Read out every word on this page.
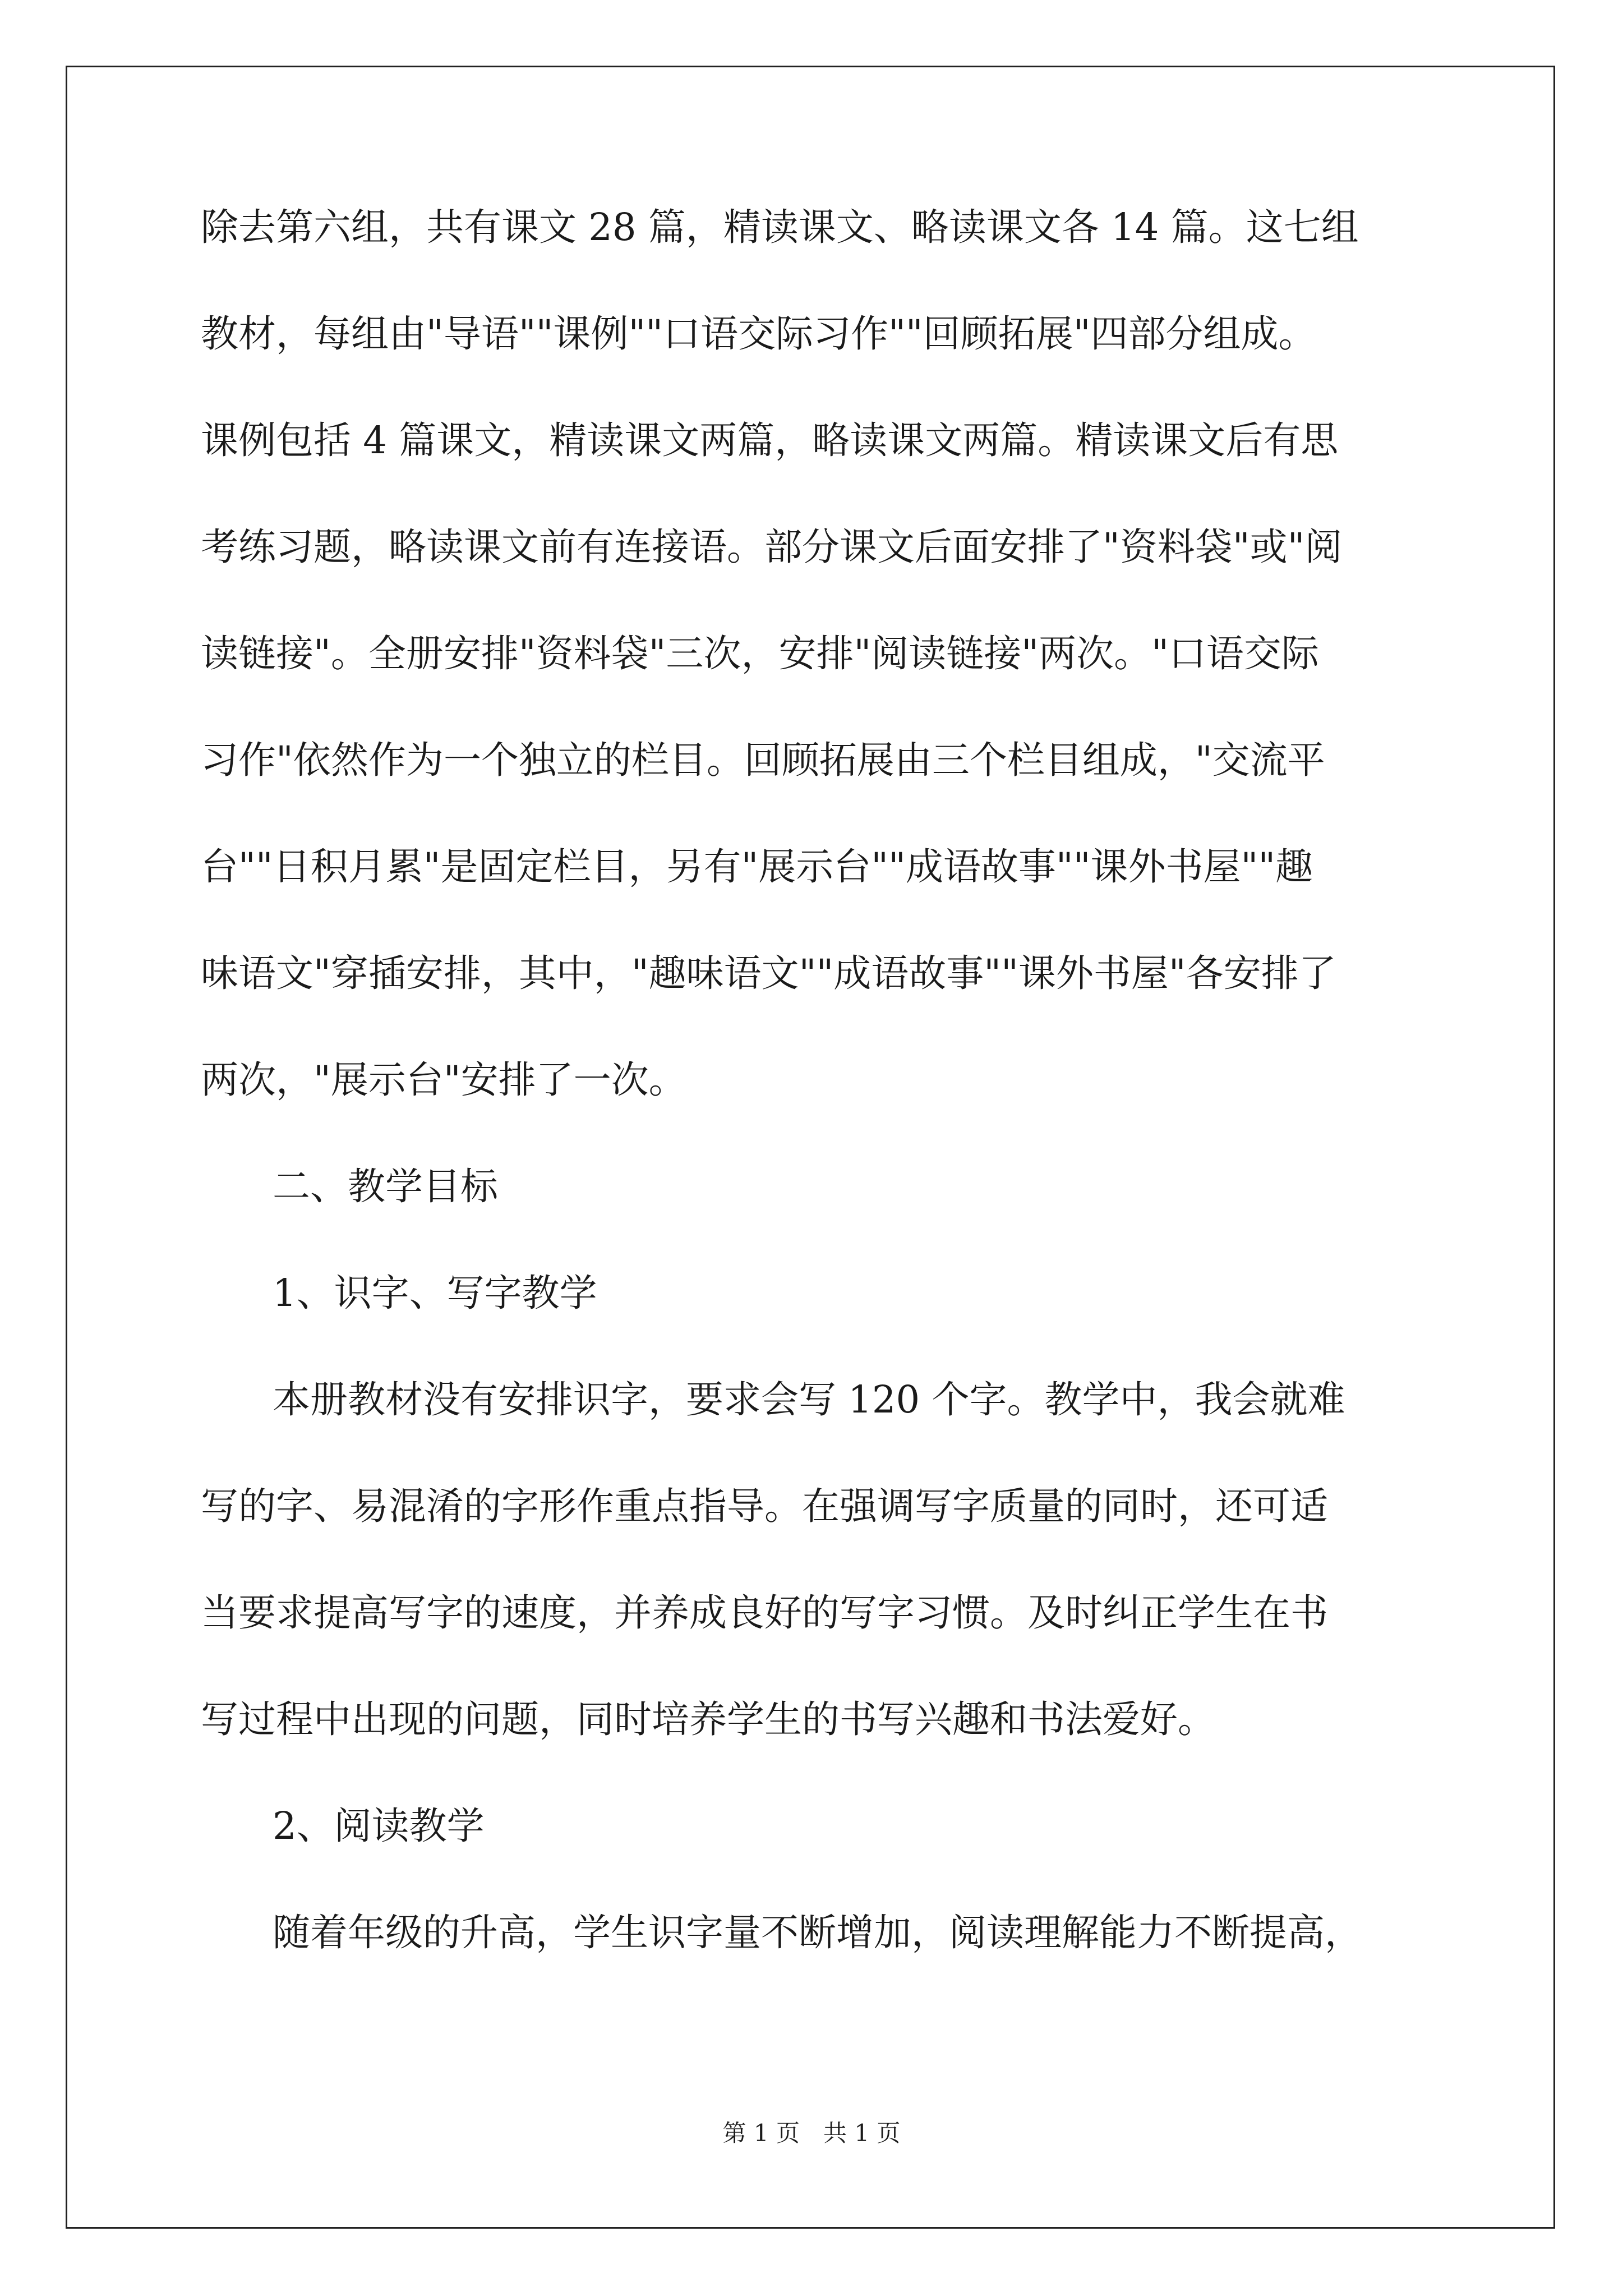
除去第六组，共有课文 28 篇，精读课文、略读课文各 14 篇。这七组
教材，每组由"导语""课例""口语交际习作""回顾拓展"四部分组成。
课例包括 4 篇课文，精读课文两篇，略读课文两篇。精读课文后有思
考练习题，略读课文前有连接语。部分课文后面安排了"资料袋"或"阅
读链接"。全册安排"资料袋"三次，安排"阅读链接"两次。"口语交际
习作"依然作为一个独立的栏目。回顾拓展由三个栏目组成，"交流平
台""日积月累"是固定栏目，另有"展示台""成语故事""课外书屋""趣
味语文"穿插安排，其中，"趣味语文""成语故事""课外书屋"各安排了
两次，"展示台"安排了一次。
二、教学目标
1、识字、写字教学
本册教材没有安排识字，要求会写 120 个字。教学中，我会就难
写的字、易混淆的字形作重点指导。在强调写字质量的同时，还可适
当要求提高写字的速度，并养成良好的写字习惯。及时纠正学生在书
写过程中出现的问题，同时培养学生的书写兴趣和书法爱好。
2、阅读教学
随着年级的升高，学生识字量不断增加，阅读理解能力不断提高，
第 1 页　共 1 页
